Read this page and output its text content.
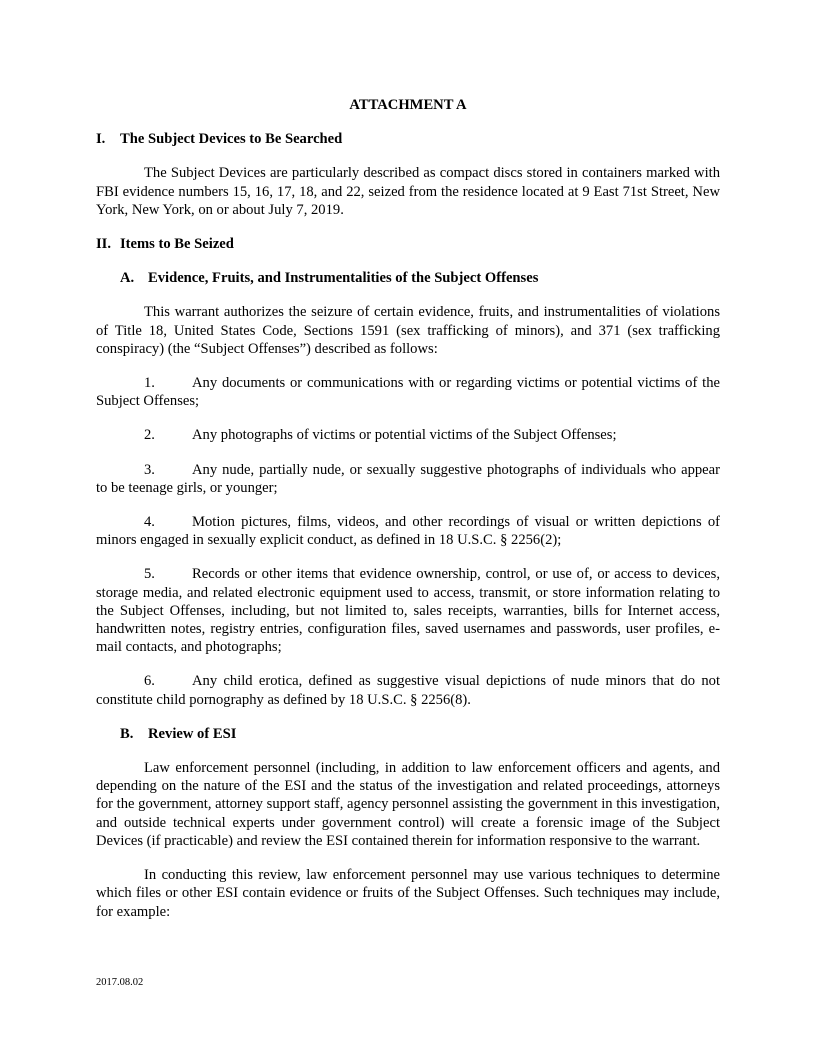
ATTACHMENT A
I. The Subject Devices to Be Searched

The Subject Devices are particularly described as compact discs stored in containers marked with FBI evidence numbers 15, 16, 17, 18, and 22, seized from the residence located at 9 East 71st Street, New York, New York, on or about July 7, 2019.

II. Items to Be Seized
A. Evidence, Fruits, and Instrumentalities of the Subject Offenses

This warrant authorizes the seizure of certain evidence, fruits, and instrumentalities of violations of Title 18, United States Code, Sections 1591 (sex trafficking of minors), and 371 (sex trafficking conspiracy) (the “Subject Offenses”) described as follows:

1.	Any documents or communications with or regarding victims or potential victims of the Subject Offenses;

2.	Any photographs of victims or potential victims of the Subject Offenses;

3.	Any nude, partially nude, or sexually suggestive photographs of individuals who appear to be teenage girls, or younger;

4.	Motion pictures, films, videos, and other recordings of visual or written depictions of minors engaged in sexually explicit conduct, as defined in 18 U.S.C. § 2256(2);

5.	Records or other items that evidence ownership, control, or use of, or access to devices, storage media, and related electronic equipment used to access, transmit, or store information relating to the Subject Offenses, including, but not limited to, sales receipts, warranties, bills for Internet access, handwritten notes, registry entries, configuration files, saved usernames and passwords, user profiles, e-mail contacts, and photographs;

6.	Any child erotica, defined as suggestive visual depictions of nude minors that do not constitute child pornography as defined by 18 U.S.C. § 2256(8).

B. Review of ESI

Law enforcement personnel (including, in addition to law enforcement officers and agents, and depending on the nature of the ESI and the status of the investigation and related proceedings, attorneys for the government, attorney support staff, agency personnel assisting the government in this investigation, and outside technical experts under government control) will create a forensic image of the Subject Devices (if practicable) and review the ESI contained therein for information responsive to the warrant.

In conducting this review, law enforcement personnel may use various techniques to determine which files or other ESI contain evidence or fruits of the Subject Offenses. Such techniques may include, for example:

2017.08.02
